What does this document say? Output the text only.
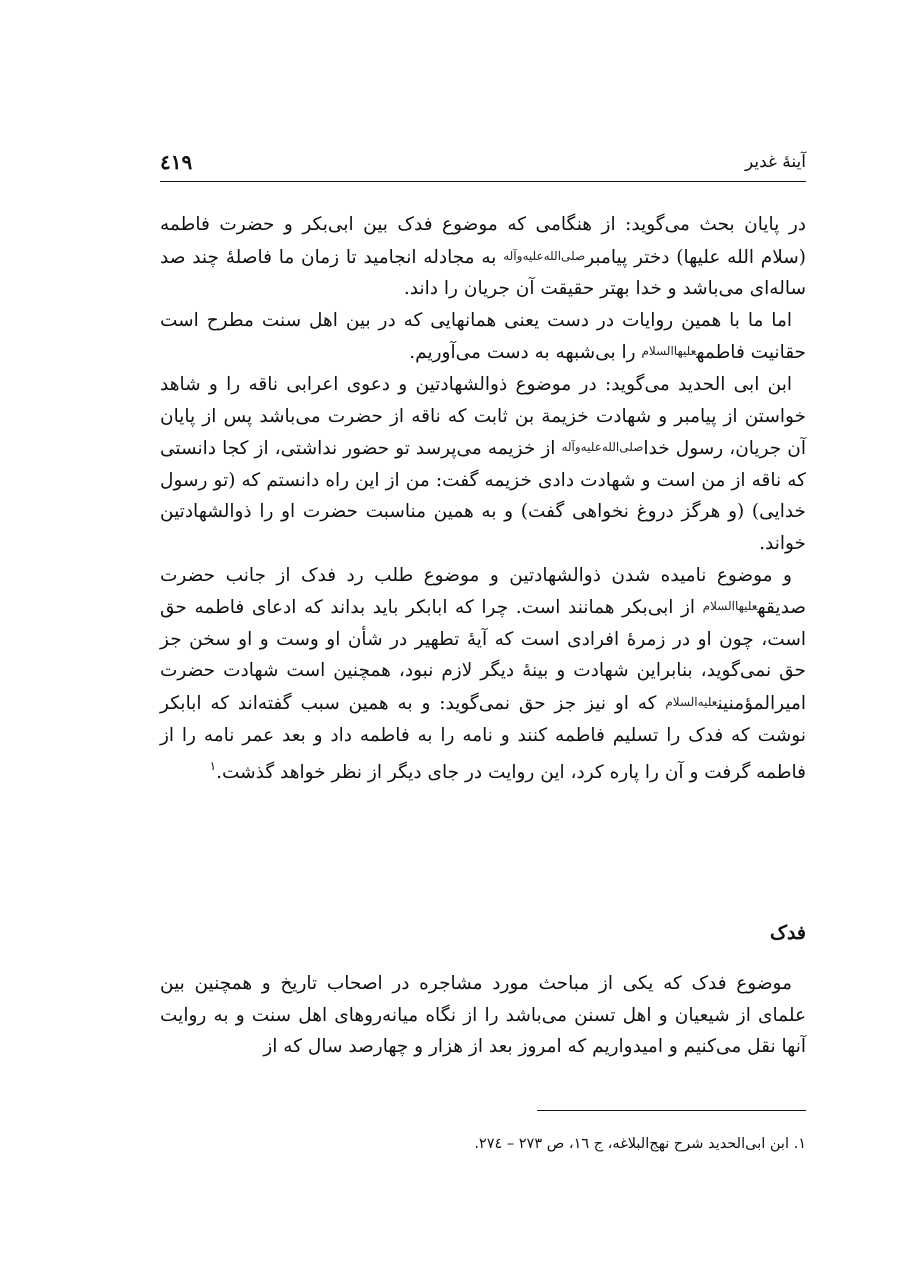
آینهٔ غدیر
٤١٩

در پایان بحث می‌گوید: از هنگامی که موضوع فدک بین ابی‌بکر و حضرت فاطمه (سلام الله علیها) دختر پیامبرصلی‌الله‌علیه‌وآله به مجادله انجامید تا زمان ما فاصلهٔ چند صد ساله‌ای می‌باشد و خدا بهتر حقیقت آن جریان را داند.

اما ما با همین روایات در دست یعنی همانهایی که در بین اهل سنت مطرح است حقانیت فاطمهعلیهاالسلام را بی‌شبهه به دست می‌آوریم.

ابن ابی الحدید می‌گوید: در موضوع ذوالشهادتین و دعوی اعرابی ناقه را و شاهد خواستن از پیامبر و شهادت خزیمة بن ثابت که ناقه از حضرت می‌باشد پس از پایان آن جریان، رسول خداصلی‌الله‌علیه‌وآله از خزیمه می‌پرسد تو حضور نداشتی، از کجا دانستی که ناقه از من است و شهادت دادی خزیمه گفت: من از این راه دانستم که (تو رسول خدایی) (و هرگز دروغ نخواهی گفت) و به همین مناسبت حضرت او را ذوالشهادتین خواند.

و موضوع نامیده شدن ذوالشهادتین و موضوع طلب رد فدک از جانب حضرت صدیقهعلیهاالسلام از ابی‌بکر همانند است. چرا که ابابکر باید بداند که ادعای فاطمه حق است، چون او در زمرهٔ افرادی است که آیهٔ تطهیر در شأن او وست و او سخن جز حق نمی‌گوید، بنابراین شهادت و بینهٔ دیگر لازم نبود، همچنین است شهادت حضرت امیرالمؤمنینعلیه‌السلام که او نیز جز حق نمی‌گوید: و به همین سبب گفته‌اند که ابابکر نوشت که فدک را تسلیم فاطمه کنند و نامه را به فاطمه داد و بعد عمر نامه را از فاطمه گرفت و آن را پاره کرد، این روایت در جای دیگر از نظر خواهد گذشت.$^١$

فدک

موضوع فدک که یکی از مباحث مورد مشاجره در اصحاب تاریخ و همچنین بین علمای از شیعیان و اهل تسنن می‌باشد را از نگاه میانه‌روهای اهل سنت و به روایت آنها نقل می‌کنیم و امیدواریم که امروز بعد از هزار و چهارصد سال که از

١. ابن ابی‌الحدید شرح نهج‌البلاغه، ج ١٦، ص ٢٧٣ – ٢٧٤.
